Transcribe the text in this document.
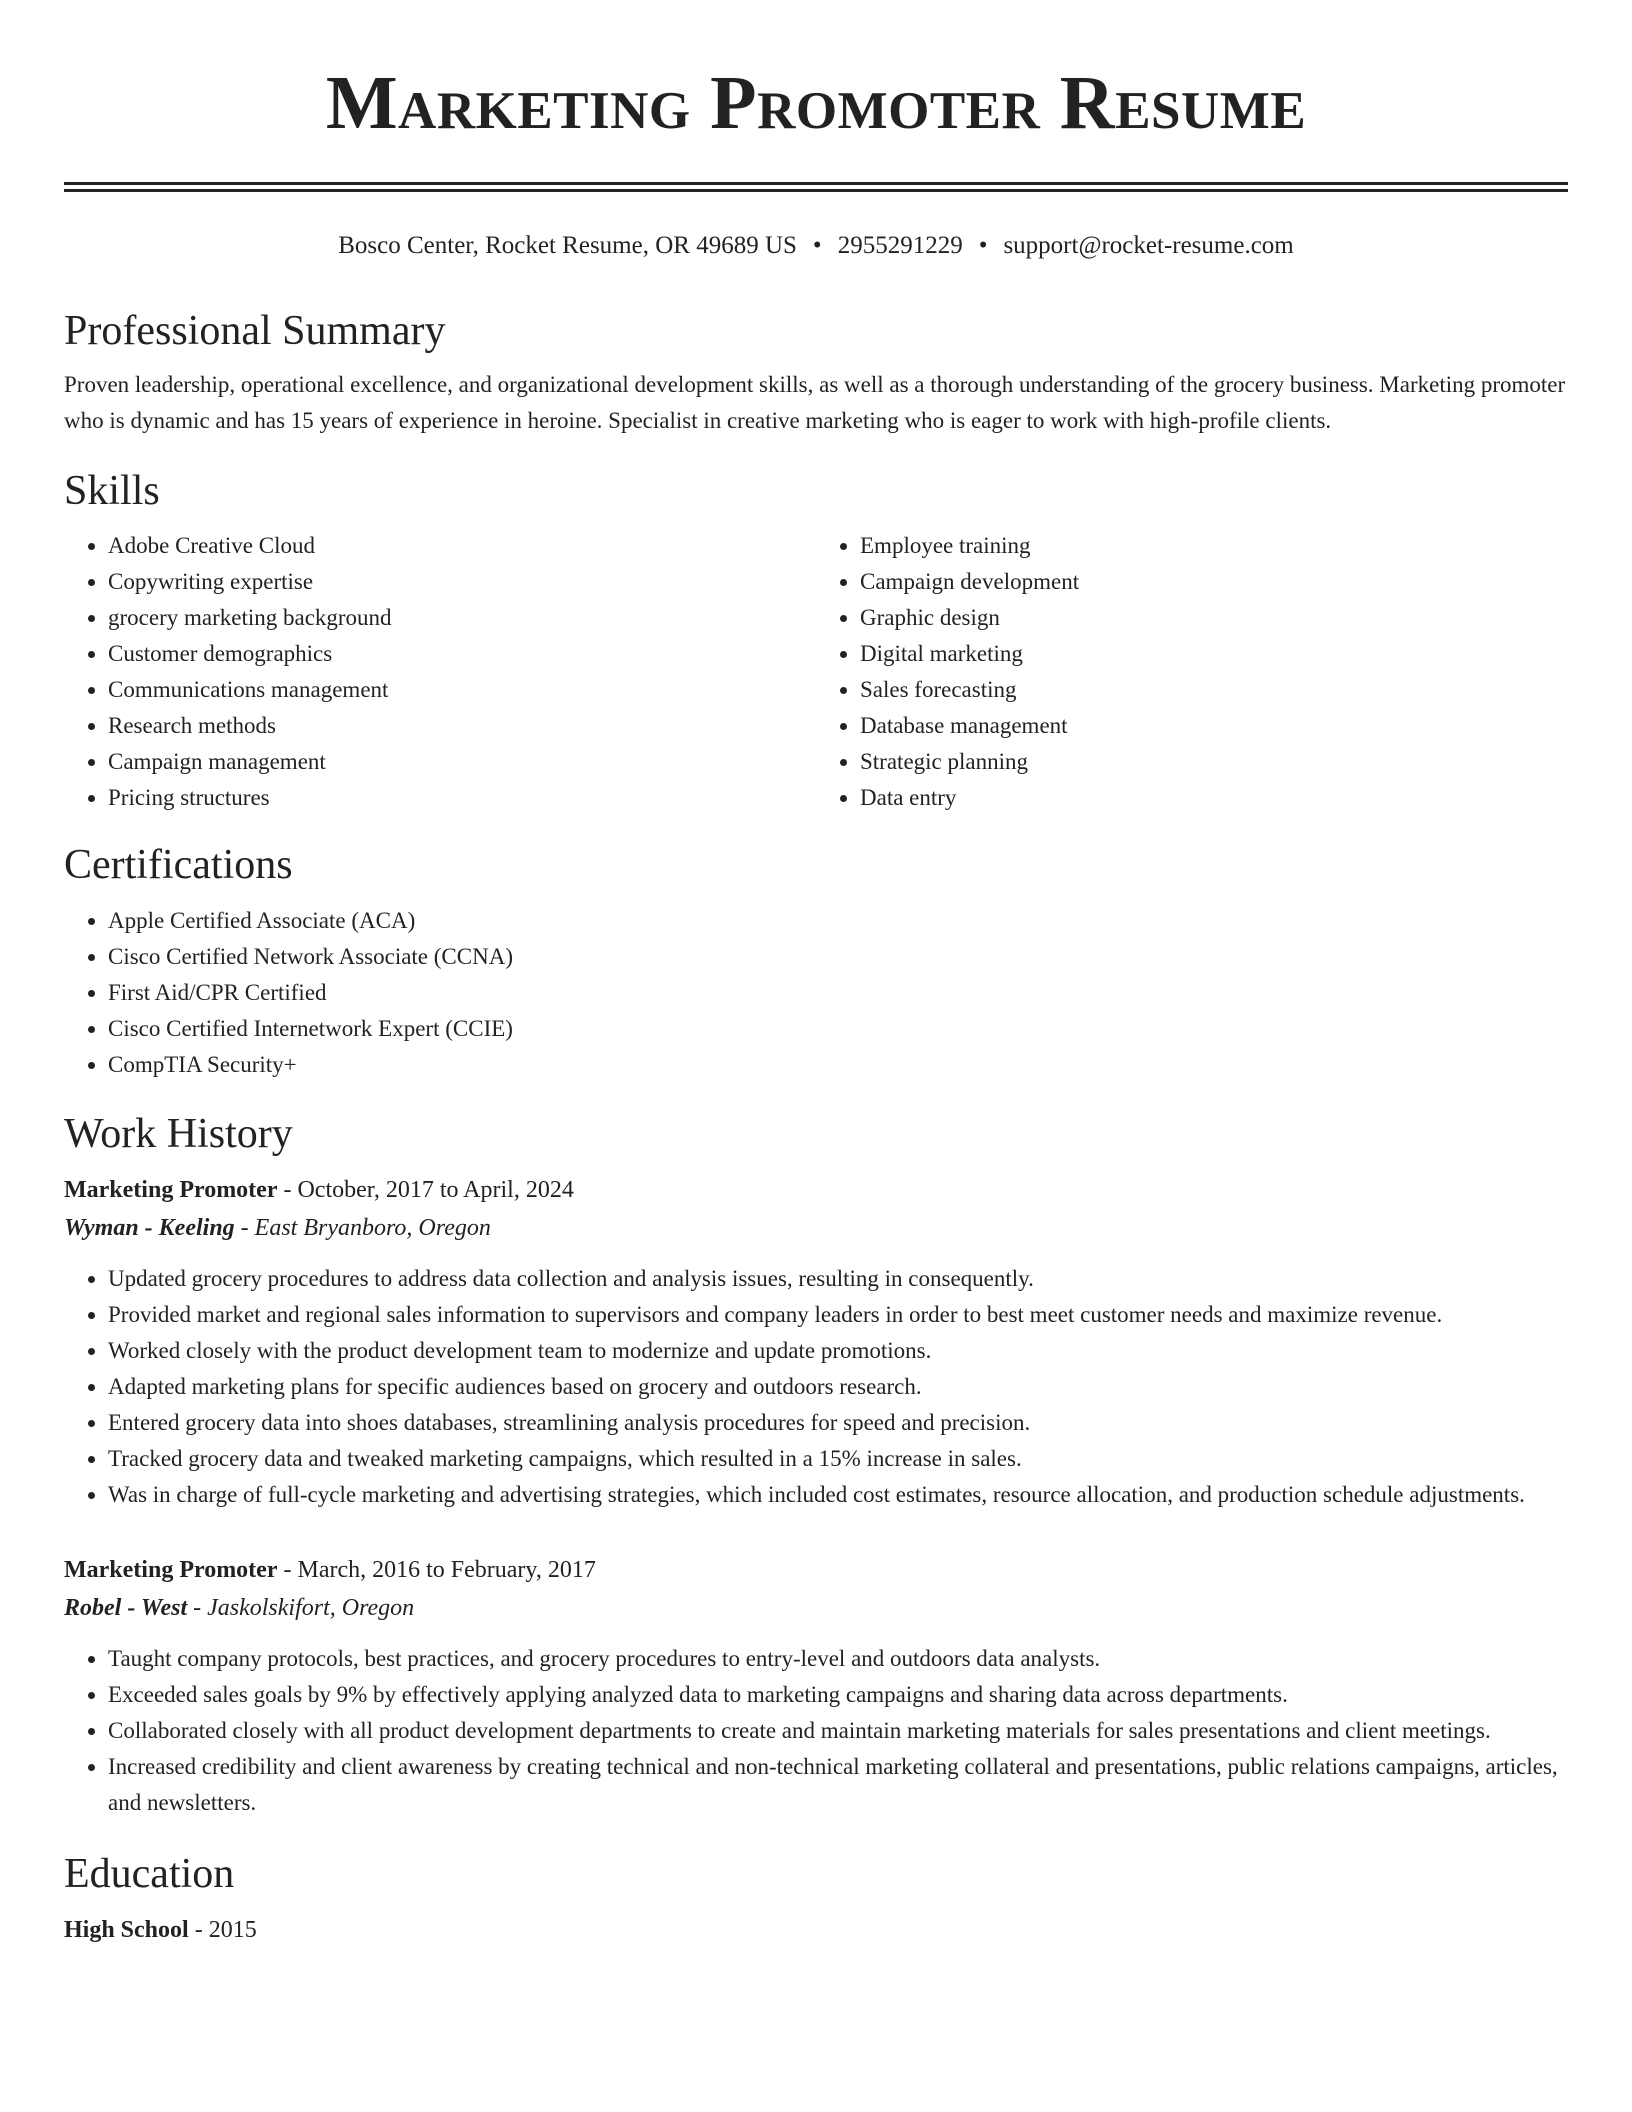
Marketing Promoter Resume
Bosco Center, Rocket Resume, OR 49689 US • 2955291229 • support@rocket-resume.com
Professional Summary
Proven leadership, operational excellence, and organizational development skills, as well as a thorough understanding of the grocery business. Marketing promoter who is dynamic and has 15 years of experience in heroine. Specialist in creative marketing who is eager to work with high-profile clients.
Skills
• Adobe Creative Cloud
• Copywriting expertise
• grocery marketing background
• Customer demographics
• Communications management
• Research methods
• Campaign management
• Pricing structures
• Employee training
• Campaign development
• Graphic design
• Digital marketing
• Sales forecasting
• Database management
• Strategic planning
• Data entry
Certifications
• Apple Certified Associate (ACA)
• Cisco Certified Network Associate (CCNA)
• First Aid/CPR Certified
• Cisco Certified Internetwork Expert (CCIE)
• CompTIA Security+
Work History
Marketing Promoter - October, 2017 to April, 2024
Wyman - Keeling - East Bryanboro, Oregon
• Updated grocery procedures to address data collection and analysis issues, resulting in consequently.
• Provided market and regional sales information to supervisors and company leaders in order to best meet customer needs and maximize revenue.
• Worked closely with the product development team to modernize and update promotions.
• Adapted marketing plans for specific audiences based on grocery and outdoors research.
• Entered grocery data into shoes databases, streamlining analysis procedures for speed and precision.
• Tracked grocery data and tweaked marketing campaigns, which resulted in a 15% increase in sales.
• Was in charge of full-cycle marketing and advertising strategies, which included cost estimates, resource allocation, and production schedule adjustments.
Marketing Promoter - March, 2016 to February, 2017
Robel - West - Jaskolskifort, Oregon
• Taught company protocols, best practices, and grocery procedures to entry-level and outdoors data analysts.
• Exceeded sales goals by 9% by effectively applying analyzed data to marketing campaigns and sharing data across departments.
• Collaborated closely with all product development departments to create and maintain marketing materials for sales presentations and client meetings.
• Increased credibility and client awareness by creating technical and non-technical marketing collateral and presentations, public relations campaigns, articles, and newsletters.
Education
High School - 2015
